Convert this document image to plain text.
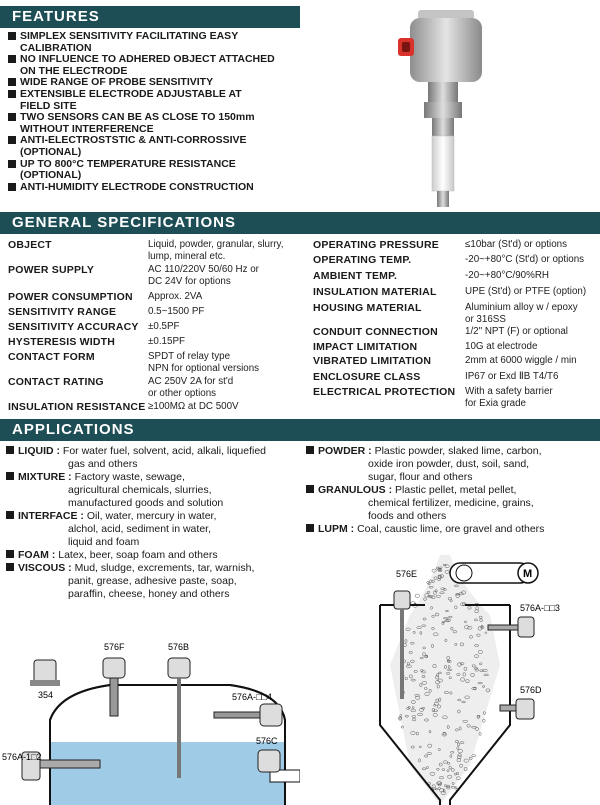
FEATURES
SIMPLEX SENSITIVITY FACILITATING EASY
CALIBRATION
NO INFLUENCE TO ADHERED OBJECT ATTACHED
ON THE ELECTRODE
WIDE RANGE OF PROBE SENSITIVITY
EXTENSIBLE ELECTRODE ADJUSTABLE AT
FIELD SITE
TWO SENSORS CAN BE AS CLOSE TO 150mm
WITHOUT INTERFERENCE
ANTI-ELECTROSTSTIC & ANTI-CORROSSIVE
(OPTIONAL)
UP TO 800°C TEMPERATURE RESISTANCE
(OPTIONAL)
ANTI-HUMIDITY ELECTRODE CONSTRUCTION
GENERAL SPECIFICATIONS
OBJECT	Liquid, powder, granular, slurry,
lump, mineral etc.
POWER SUPPLY	AC 110/220V 50/60 Hz or
DC 24V for options
POWER CONSUMPTION Approx. 2VA
SENSITIVITY RANGE	0.5~1500 PF
SENSITIVITY ACCURACY ±0.5PF
HYSTERESIS WIDTH	±0.15PF
CONTACT FORM	SPDT of relay type
NPN for optional versions
CONTACT RATING	AC 250V 2A for st'd
or other options
INSULATION RESISTANCE ≥100MΩ at DC 500V
OPERATING PRESSURE	≤10bar (St'd) or options
OPERATING TEMP.	-20~+80°C (St'd) or options
AMBIENT TEMP.	-20~+80°C/90%RH
INSULATION MATERIAL	UPE (St'd) or PTFE (option)
HOUSING MATERIAL	Aluminium alloy w / epoxy
or 316SS
CONDUIT CONNECTION	1/2" NPT (F) or optional
IMPACT LIMITATION	10G at electrode
VIBRATED LIMITATION	2mm at 6000 wiggle / min
ENCLOSURE CLASS	IP67 or Exd ⅡB T4/T6
ELECTRICAL PROTECTION With a safety barrier
for Exia grade
APPLICATIONS
LIQUID : For water fuel, solvent, acid, alkali, liquefied
gas and others
MIXTURE : Factory waste, sewage,
agricultural chemicals, slurries,
manufactured goods and solution
INTERFACE : Oil, water, mercury in water,
alchol, acid, sediment in water,
liquid and foam
FOAM : Latex, beer, soap foam and others
VISCOUS : Mud, sludge, excrements, tar, warnish,
panit, grease, adhesive paste, soap,
paraffin, cheese, honey and others
POWDER : Plastic powder, slaked lime, carbon,
oxide iron powder, dust, soil, sand,
sugar, flour and others
GRANULOUS : Plastic pellet, metal pellet,
chemical fertilizer, medicine, grains,
foods and others
LUPM : Coal, caustic lime, ore gravel and others
354
576F	576B
576A-□□4
576C
576A-1□2
M
576E
576A-□□3
576D
